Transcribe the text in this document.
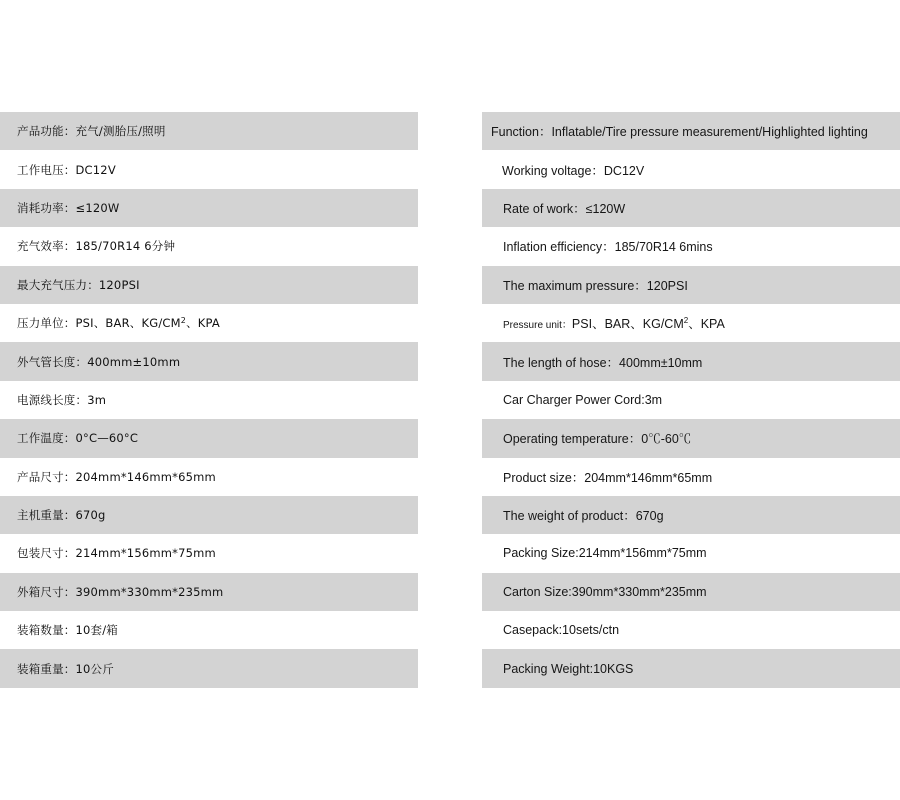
产品功能：充气/测胎压/照明
工作电压：DC12V
消耗功率：≤120W
充气效率：185/70R14 6分钟
最大充气压力：120PSI
压力单位：PSI、BAR、$KG/CM^2$ 、KPA
外气管长度：400mm±10mm
电源线长度：3m
工作温度：0°C—60°C
产品尺寸：204mm*146mm*65mm
主机重量：670g
包装尺寸：214mm*156mm*75mm
外箱尺寸：390mm*330mm*235mm
装箱数量：10套/箱
装箱重量：10公斤
Function：Inflatable/Tire pressure measurement/Highlighted lighting
Working voltage：DC12V
Rate of work：≤120W
Inflation efficiency：185/70R14 6mins
The maximum pressure：120PSI
Pressure unit： PSI、BAR、$KG/CM^2$ 、KPA
The length of hose：400mm±10mm
Car Charger Power Cord:3m
Operating temperature：0℃-60℃
Product size：204mm*146mm*65mm
The weight of product：670g
Packing Size:214mm*156mm*75mm
Carton Size:390mm*330mm*235mm
Casepack:10sets/ctn
Packing Weight:10KGS
